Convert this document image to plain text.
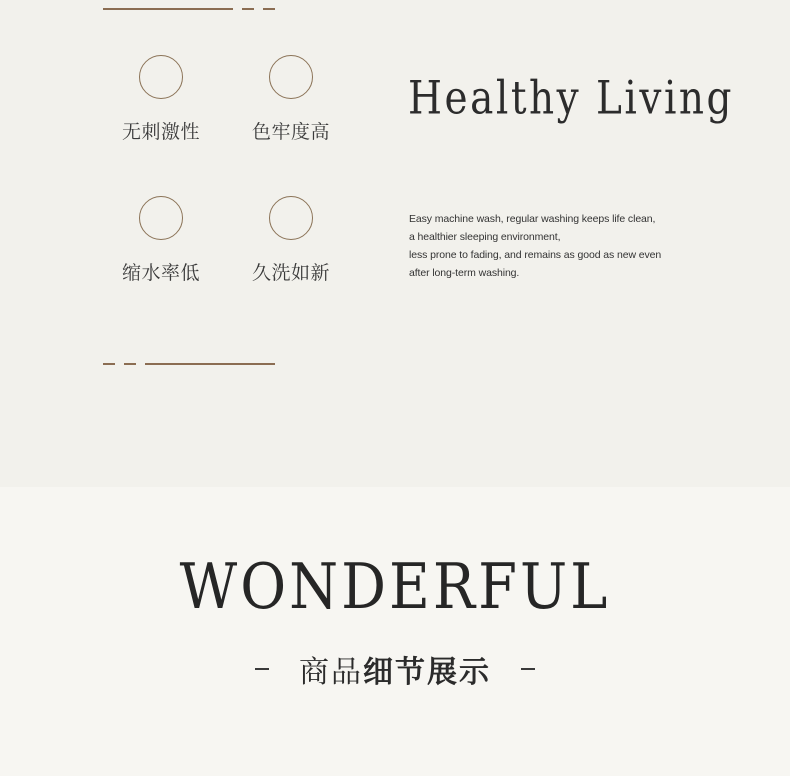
无刺激性	色牢度高
缩水率低	久洗如新
Healthy Living

Easy machine wash, regular washing keeps life clean,

a healthier sleeping environment,

less prone to fading, and remains as good as new even

after long-term washing.

WONDERFUL
商品细节展示
